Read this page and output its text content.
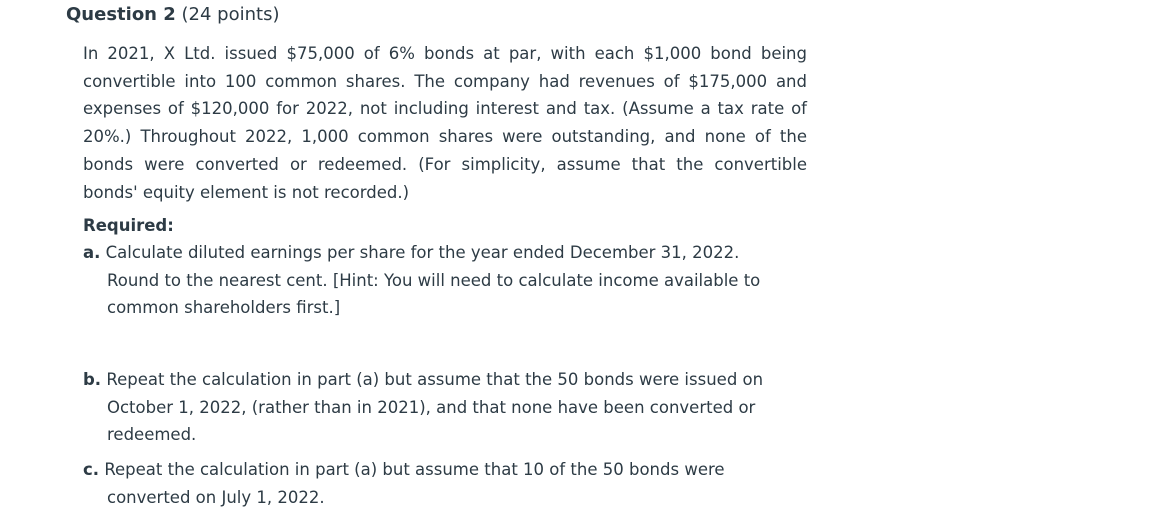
Question 2 (24 points)

In 2021, X Ltd. issued $75,000 of 6% bonds at par, with each $1,000 bond being convertible into 100 common shares. The company had revenues of $175,000 and expenses of $120,000 for 2022, not including interest and tax. (Assume a tax rate of 20%.) Throughout 2022, 1,000 common shares were outstanding, and none of the bonds were converted or redeemed. (For simplicity, assume that the convertible bonds' equity element is not recorded.)

Required:
a. Calculate diluted earnings per share for the year ended December 31, 2022.
Round to the nearest cent. [Hint: You will need to calculate income available to
common shareholders first.]
b. Repeat the calculation in part (a) but assume that the 50 bonds were issued on
October 1, 2022, (rather than in 2021), and that none have been converted or
redeemed.
c. Repeat the calculation in part (a) but assume that 10 of the 50 bonds were
converted on July 1, 2022.
